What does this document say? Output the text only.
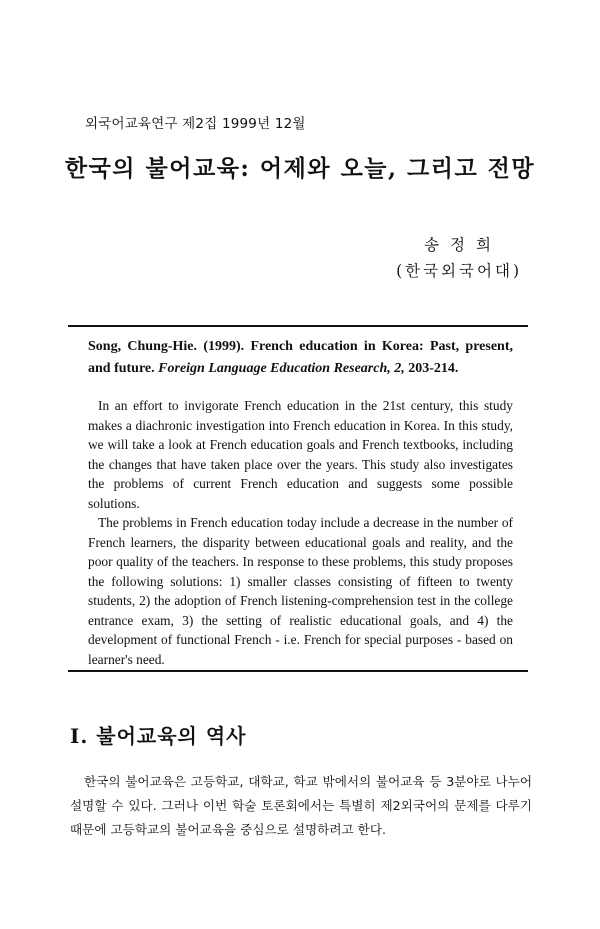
외국어교육연구 제2집 1999년 12월
한국의 불어교육: 어제와 오늘, 그리고 전망
송 정 희
(한국외국어대)
Song, Chung-Hie. (1999). French education in Korea: Past, present, and future. Foreign Language Education Research, 2, 203-214.

In an effort to invigorate French education in the 21st century, this study makes a diachronic investigation into French education in Korea. In this study, we will take a look at French education goals and French textbooks, including the changes that have taken place over the years. This study also investigates the problems of current French education and suggests some possible solutions.

The problems in French education today include a decrease in the number of French learners, the disparity between educational goals and reality, and the poor quality of the teachers. In response to these problems, this study proposes the following solutions: 1) smaller classes consisting of fifteen to twenty students, 2) the adoption of French listening-comprehension test in the college entrance exam, 3) the setting of realistic educational goals, and 4) the development of functional French - i.e. French for special purposes - based on learner's need.

I. 불어교육의 역사

한국의 불어교육은 고등학교, 대학교, 학교 밖에서의 불어교육 등 3분야로 나누어 설명할 수 있다. 그러나 이번 학술 토론회에서는 특별히 제2외국어의 문제를 다루기 때문에 고등학교의 불어교육을 중심으로 설명하려고 한다.
